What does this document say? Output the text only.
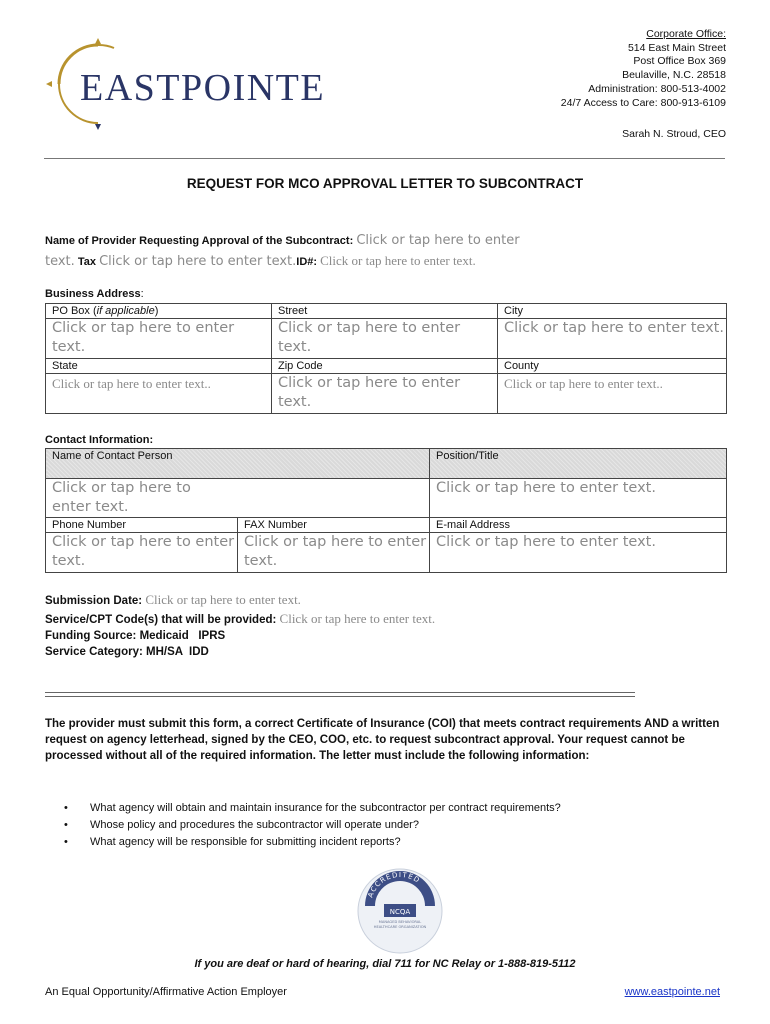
EASTPOINTE
Corporate Office:
514 East Main Street
Post Office Box 369
Beulaville, N.C. 28518
Administration: 800-513-4002
24/7 Access to Care: 800-913-6109
Sarah N. Stroud, CEO
REQUEST FOR MCO APPROVAL LETTER TO SUBCONTRACT
Name of Provider Requesting Approval of the Subcontract: Click or tap here to enter
text. Tax Click or tap here to enter text.ID#: Click or tap here to enter text.
Business Address:
PO Box (if applicable)	Street	City
Click or tap here to enter text.	Click or tap here to enter text.	Click or tap here to enter text.
State	Zip Code	County
Click or tap here to enter text..	Click or tap here to enter text.	Click or tap here to enter text..
Contact Information:
Name of Contact Person		Position/Title

Click or tap here to enter text.		Click or tap here to enter text.
Phone Number	FAX Number	E-mail Address

Click or tap here to enter text.	Click or tap here to enter text.	Click or tap here to enter text.
Submission Date: Click or tap here to enter text.
Service/CPT Code(s) that will be provided: Click or tap here to enter text.
Funding Source: Medicaid   IPRS
Service Category: MH/SA  IDD
The provider must submit this form, a correct Certificate of Insurance (COI) that meets contract requirements AND a written request on agency letterhead, signed by the CEO, COO, etc. to request subcontract approval. Your request cannot be processed without all of the required information. The letter must include the following information:
• What agency will obtain and maintain insurance for the subcontractor per contract requirements?
• Whose policy and procedures the subcontractor will operate under?
• What agency will be responsible for submitting incident reports?
ACCREDITED
NCQA
MANAGED BEHAVIORAL
HEALTHCARE ORGANIZATION
If you are deaf or hard of hearing, dial 711 for NC Relay or 1-888-819-5112
An Equal Opportunity/Affirmative Action Employer	www.eastpointe.net
